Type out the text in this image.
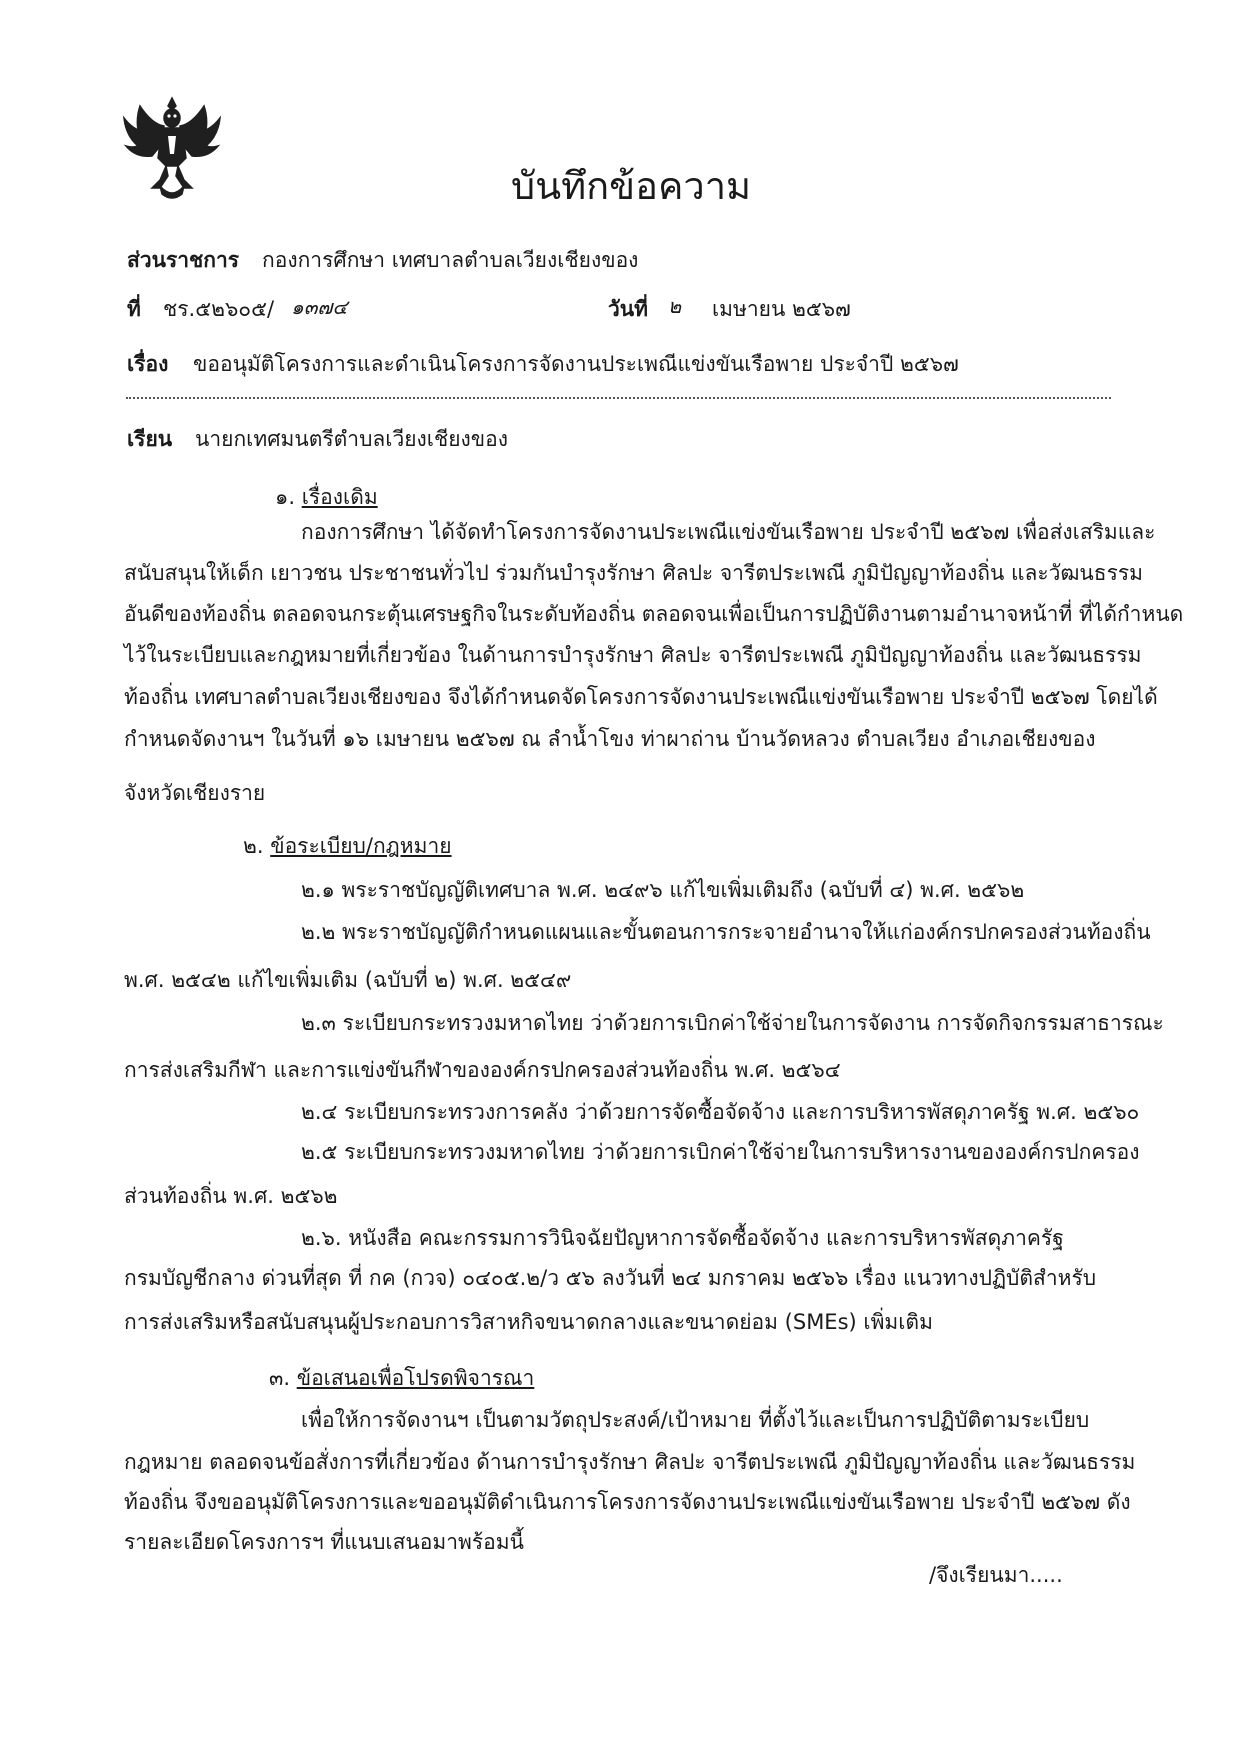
บันทึกข้อความ
ส่วนราชการ กองการศึกษา เทศบาลตำบลเวียงเชียงของ
ที่ ชร.๕๒๖๐๕/ ๑๓๗๔	วันที่ ๒ เมษายน ๒๕๖๗
เรื่อง ขออนุมัติโครงการและดำเนินโครงการจัดงานประเพณีแข่งขันเรือพาย ประจำปี ๒๕๖๗
เรียน นายกเทศมนตรีตำบลเวียงเชียงของ
๑. เรื่องเดิม
กองการศึกษา ได้จัดทำโครงการจัดงานประเพณีแข่งขันเรือพาย ประจำปี ๒๕๖๗ เพื่อส่งเสริมและ
สนับสนุนให้เด็ก เยาวชน ประชาชนทั่วไป ร่วมกันบำรุงรักษา ศิลปะ จารีตประเพณี ภูมิปัญญาท้องถิ่น และวัฒนธรรม
อันดีของท้องถิ่น ตลอดจนกระตุ้นเศรษฐกิจในระดับท้องถิ่น ตลอดจนเพื่อเป็นการปฏิบัติงานตามอำนาจหน้าที่ ที่ได้กำหนด
ไว้ในระเบียบและกฎหมายที่เกี่ยวข้อง ในด้านการบำรุงรักษา ศิลปะ จารีตประเพณี ภูมิปัญญาท้องถิ่น และวัฒนธรรม
ท้องถิ่น เทศบาลตำบลเวียงเชียงของ จึงได้กำหนดจัดโครงการจัดงานประเพณีแข่งขันเรือพาย ประจำปี ๒๕๖๗ โดยได้
กำหนดจัดงานฯ ในวันที่ ๑๖ เมษายน ๒๕๖๗ ณ ลำน้ำโขง ท่าผาถ่าน บ้านวัดหลวง ตำบลเวียง อำเภอเชียงของ
จังหวัดเชียงราย
๒. ข้อระเบียบ/กฎหมาย
๒.๑ พระราชบัญญัติเทศบาล พ.ศ. ๒๔๙๖ แก้ไขเพิ่มเติมถึง (ฉบับที่ ๔) พ.ศ. ๒๕๖๒
๒.๒ พระราชบัญญัติกำหนดแผนและขั้นตอนการกระจายอำนาจให้แก่องค์กรปกครองส่วนท้องถิ่น
พ.ศ. ๒๕๔๒ แก้ไขเพิ่มเติม (ฉบับที่ ๒) พ.ศ. ๒๕๔๙
๒.๓ ระเบียบกระทรวงมหาดไทย ว่าด้วยการเบิกค่าใช้จ่ายในการจัดงาน การจัดกิจกรรมสาธารณะ
การส่งเสริมกีฬา และการแข่งขันกีฬาขององค์กรปกครองส่วนท้องถิ่น พ.ศ. ๒๕๖๔
๒.๔ ระเบียบกระทรวงการคลัง ว่าด้วยการจัดซื้อจัดจ้าง และการบริหารพัสดุภาครัฐ พ.ศ. ๒๕๖๐
๒.๕ ระเบียบกระทรวงมหาดไทย ว่าด้วยการเบิกค่าใช้จ่ายในการบริหารงานขององค์กรปกครอง
ส่วนท้องถิ่น พ.ศ. ๒๕๖๒
๒.๖. หนังสือ คณะกรรมการวินิจฉัยปัญหาการจัดซื้อจัดจ้าง และการบริหารพัสดุภาครัฐ
กรมบัญชีกลาง ด่วนที่สุด ที่ กค (กวจ) ๐๔๐๕.๒/ว ๕๖ ลงวันที่ ๒๔ มกราคม ๒๕๖๖ เรื่อง แนวทางปฏิบัติสำหรับ
การส่งเสริมหรือสนับสนุนผู้ประกอบการวิสาหกิจขนาดกลางและขนาดย่อม (SMEs) เพิ่มเติม
๓. ข้อเสนอเพื่อโปรดพิจารณา
เพื่อให้การจัดงานฯ เป็นตามวัตถุประสงค์/เป้าหมาย ที่ตั้งไว้และเป็นการปฏิบัติตามระเบียบ
กฎหมาย ตลอดจนข้อสั่งการที่เกี่ยวข้อง ด้านการบำรุงรักษา ศิลปะ จารีตประเพณี ภูมิปัญญาท้องถิ่น และวัฒนธรรม
ท้องถิ่น จึงขออนุมัติโครงการและขออนุมัติดำเนินการโครงการจัดงานประเพณีแข่งขันเรือพาย ประจำปี ๒๕๖๗ ดัง
รายละเอียดโครงการฯ ที่แนบเสนอมาพร้อมนี้
/จึงเรียนมา.....
